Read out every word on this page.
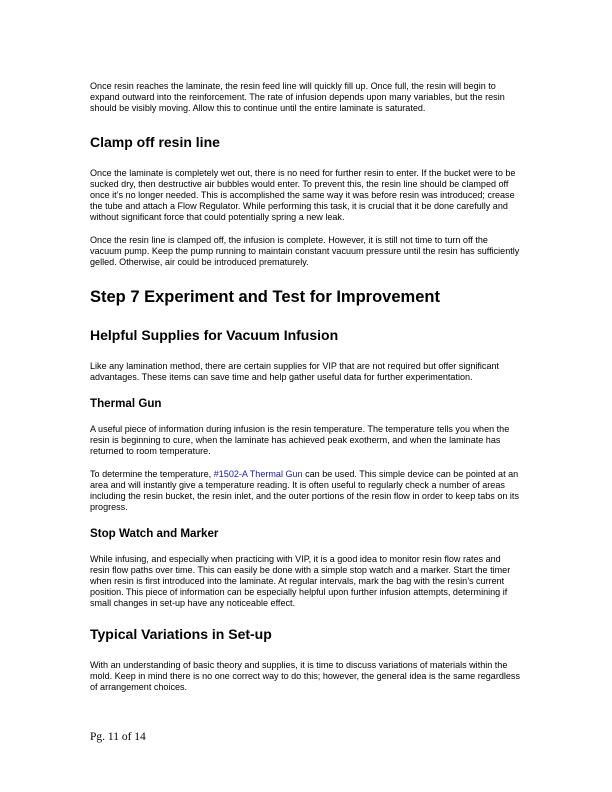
Once resin reaches the laminate, the resin feed line will quickly fill up. Once full, the resin will begin to expand outward into the reinforcement. The rate of infusion depends upon many variables, but the resin should be visibly moving. Allow this to continue until the entire laminate is saturated.

Clamp off resin line

Once the laminate is completely wet out, there is no need for further resin to enter. If the bucket were to be sucked dry, then destructive air bubbles would enter. To prevent this, the resin line should be clamped off once it’s no longer needed. This is accomplished the same way it was before resin was introduced; crease the tube and attach a Flow Regulator. While performing this task, it is crucial that it be done carefully and without significant force that could potentially spring a new leak.

Once the resin line is clamped off, the infusion is complete. However, it is still not time to turn off the vacuum pump. Keep the pump running to maintain constant vacuum pressure until the resin has sufficiently gelled. Otherwise, air could be introduced prematurely.

Step 7 Experiment and Test for Improvement
Helpful Supplies for Vacuum Infusion

Like any lamination method, there are certain supplies for VIP that are not required but offer significant advantages. These items can save time and help gather useful data for further experimentation.

Thermal Gun

A useful piece of information during infusion is the resin temperature. The temperature tells you when the resin is beginning to cure, when the laminate has achieved peak exotherm, and when the laminate has returned to room temperature.

To determine the temperature, #1502-A Thermal Gun can be used. This simple device can be pointed at an area and will instantly give a temperature reading. It is often useful to regularly check a number of areas including the resin bucket, the resin inlet, and the outer portions of the resin flow in order to keep tabs on its progress.

Stop Watch and Marker

While infusing, and especially when practicing with VIP, it is a good idea to monitor resin flow rates and resin flow paths over time. This can easily be done with a simple stop watch and a marker. Start the timer when resin is first introduced into the laminate. At regular intervals, mark the bag with the resin’s current position. This piece of information can be especially helpful upon further infusion attempts, determining if small changes in set-up have any noticeable effect.

Typical Variations in Set-up

With an understanding of basic theory and supplies, it is time to discuss variations of materials within the mold. Keep in mind there is no one correct way to do this; however, the general idea is the same regardless of arrangement choices.

Pg. 11 of 14
